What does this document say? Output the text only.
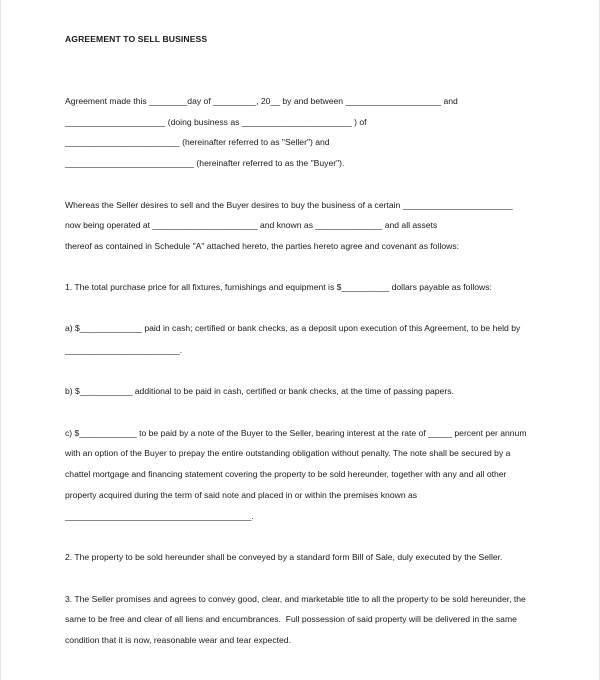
AGREEMENT TO SELL BUSINESS
Agreement made this ________day of _________, 20__ by and between ____________________ and
_____________________ (doing business as _______________________ ) of
________________________ (hereinafter referred to as "Seller") and
___________________________ (hereinafter referred to as the "Buyer").
Whereas the Seller desires to sell and the Buyer desires to buy the business of a certain _______________________
now being operated at ______________________ and known as ______________ and all assets
thereof as contained in Schedule "A" attached hereto, the parties hereto agree and covenant as follows:
1. The total purchase price for all fixtures, furnishings and equipment is $__________ dollars payable as follows:
a) $_____________ paid in cash; certified or bank checks, as a deposit upon execution of this Agreement, to be held by
________________________.
b) $___________ additional to be paid in cash, certified or bank checks, at the time of passing papers.
c) $____________ to be paid by a note of the Buyer to the Seller, bearing interest at the rate of _____ percent per annum
with an option of the Buyer to prepay the entire outstanding obligation without penalty. The note shall be secured by a
chattel mortgage and financing statement covering the property to be sold hereunder, together with any and all other
property acquired during the term of said note and placed in or within the premises known as
_______________________________________.
2. The property to be sold hereunder shall be conveyed by a standard form Bill of Sale, duly executed by the Seller.
3. The Seller promises and agrees to convey good, clear, and marketable title to all the property to be sold hereunder, the
same to be free and clear of all liens and encumbrances.  Full possession of said property will be delivered in the same
condition that it is now, reasonable wear and tear expected.
